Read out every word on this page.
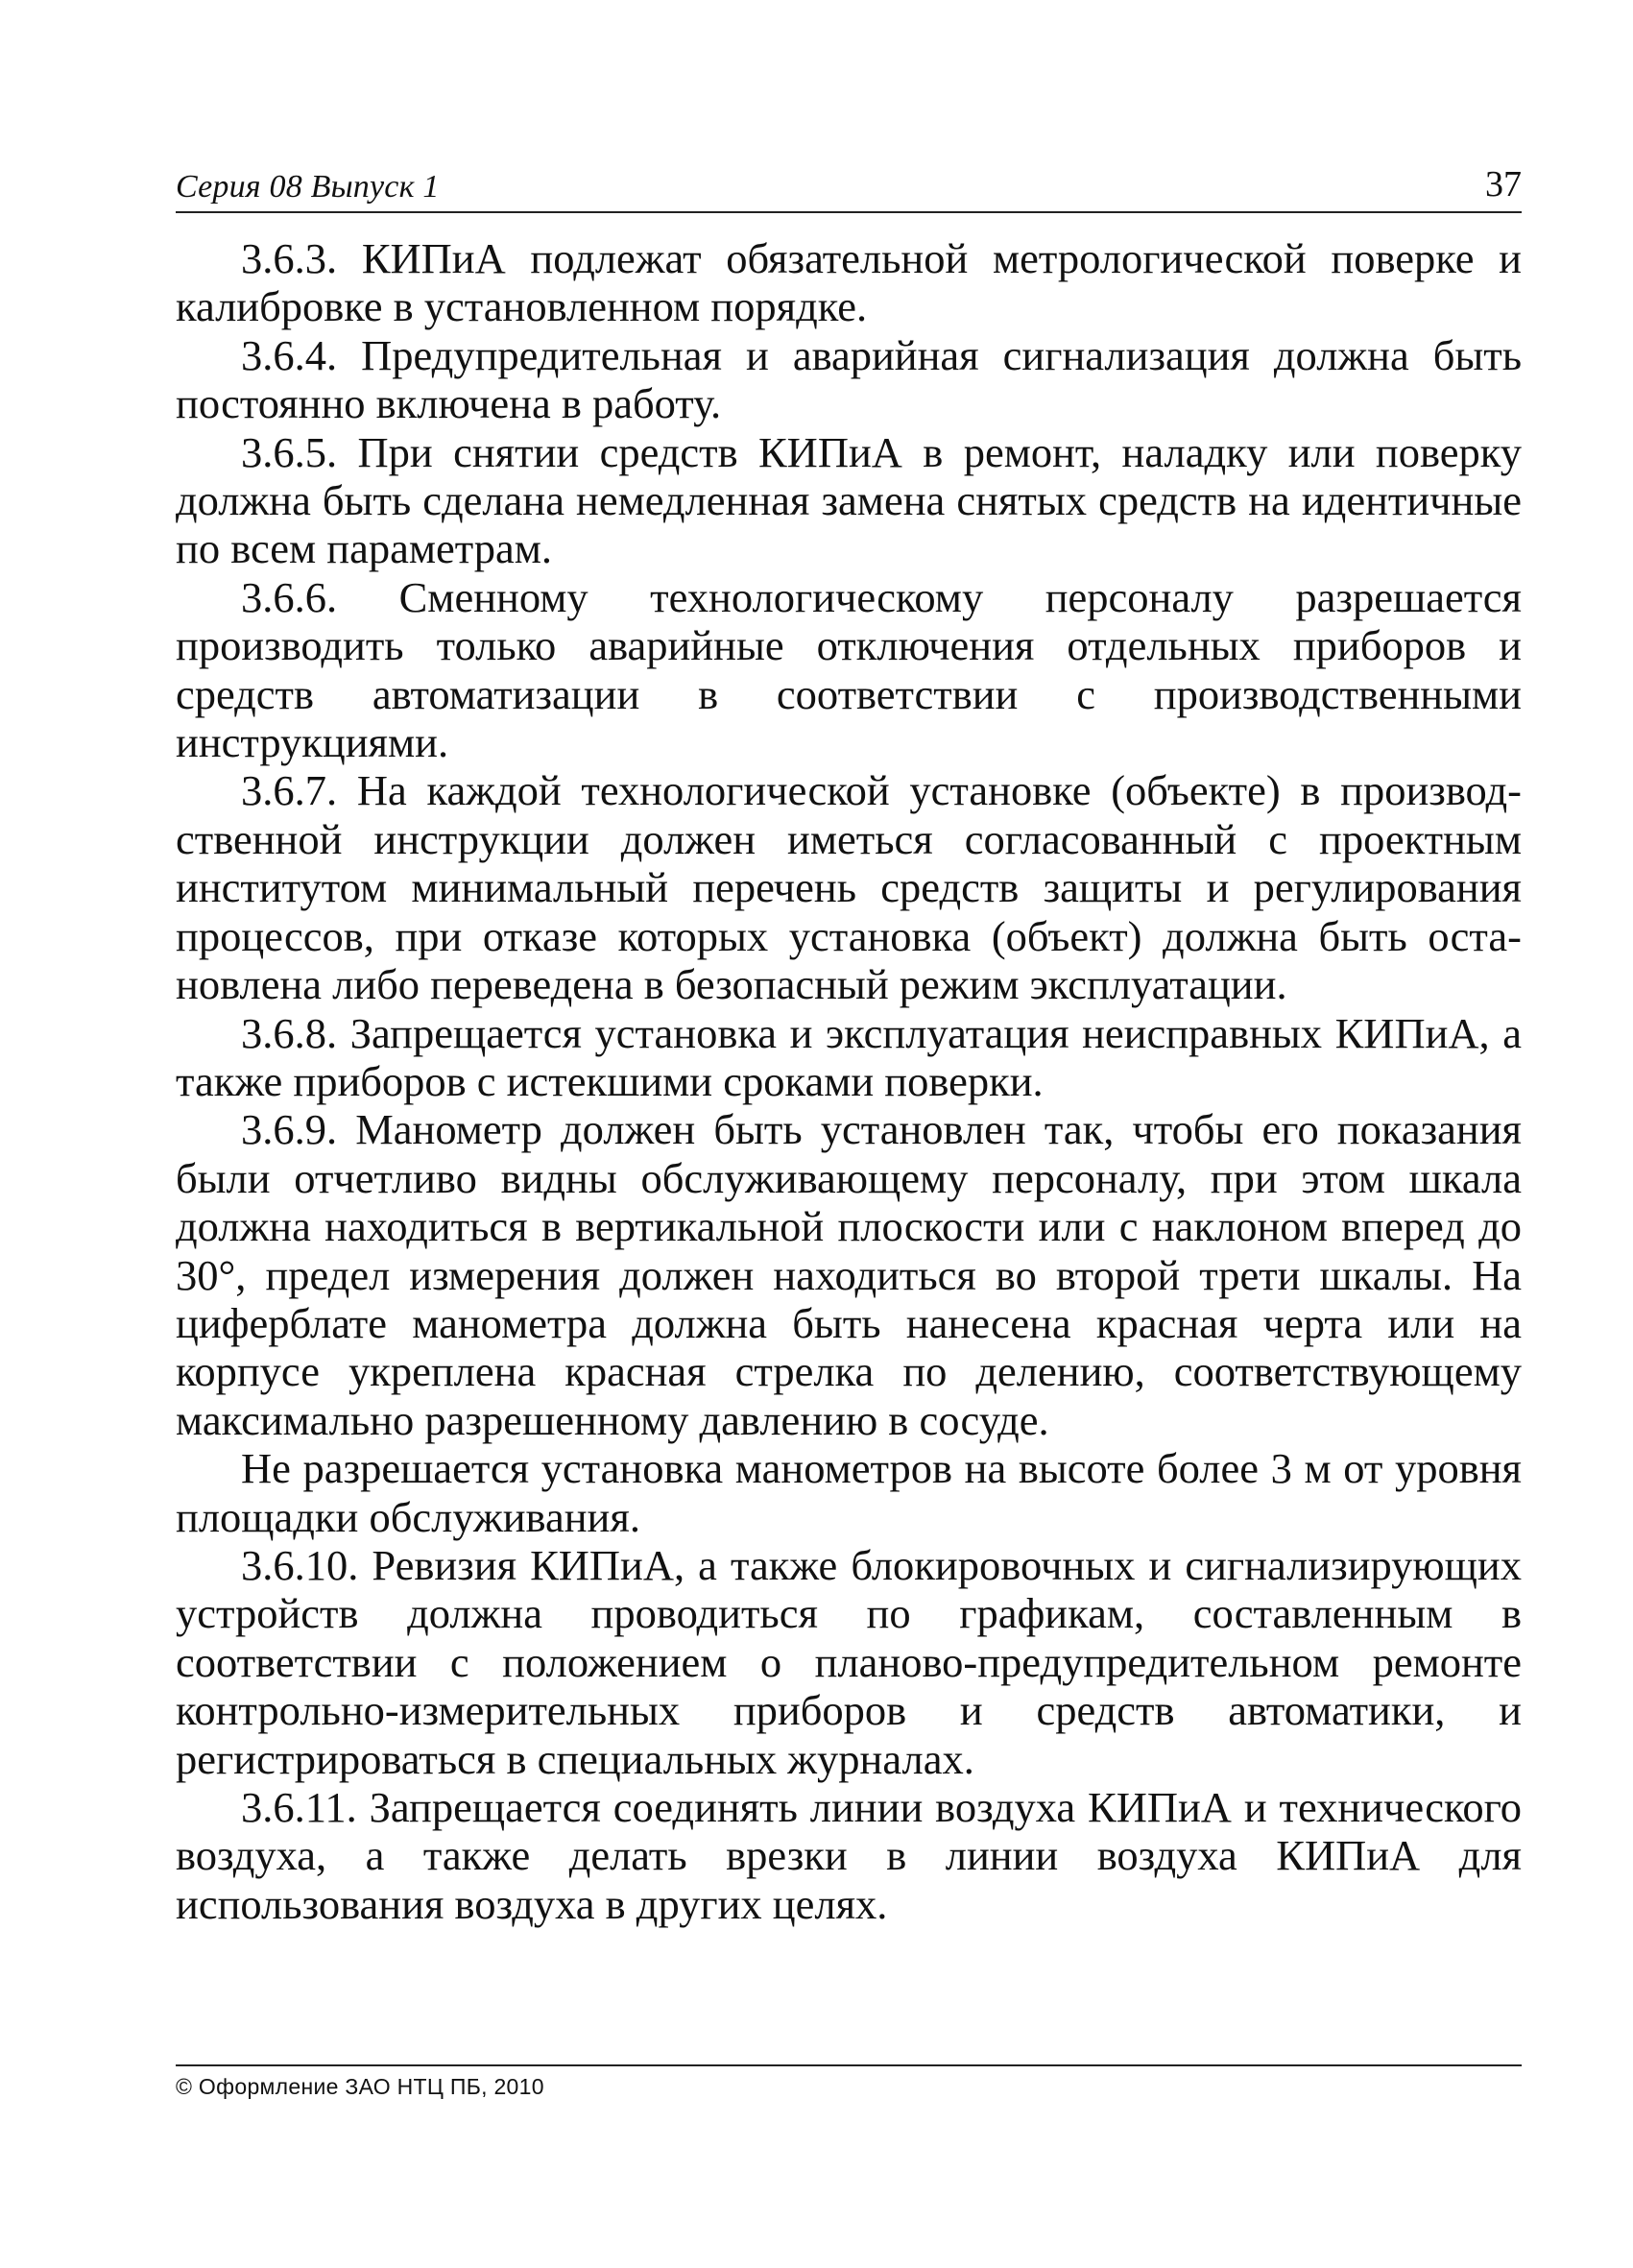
Серия 08 Выпуск 1	37

3.6.3. КИПиА подлежат обязательной метрологической поверке и калибровке в установленном порядке.

3.6.4. Предупредительная и аварийная сигнализация должна быть постоянно включена в работу.

3.6.5. При снятии средств КИПиА в ремонт, наладку или поверку должна быть сделана немедленная замена снятых средств на идентичные по всем параметрам.

3.6.6. Сменному технологическому персоналу разрешается производить только аварийные отключения отдельных приборов и средств автоматизации в соответствии с производственными инструкциями.

3.6.7. На каждой технологической установке (объекте) в производственной инструкции должен иметься согласованный с проектным институтом минимальный перечень средств защиты и регулирования процессов, при отказе которых установка (объект) должна быть остановлена либо переведена в безопасный режим эксплуатации.

3.6.8. Запрещается установка и эксплуатация неисправных КИПиА, а также приборов с истекшими сроками поверки.

3.6.9. Манометр должен быть установлен так, чтобы его показания были отчетливо видны обслуживающему персоналу, при этом шкала должна находиться в вертикальной плоскости или с наклоном вперед до 30°, предел измерения должен находиться во второй трети шкалы. На циферблате манометра должна быть нанесена красная черта или на корпусе укреплена красная стрелка по делению, соответствующему максимально разрешенному давлению в сосуде.

Не разрешается установка манометров на высоте более 3 м от уровня площадки обслуживания.

3.6.10. Ревизия КИПиА, а также блокировочных и сигнализирующих устройств должна проводиться по графикам, составленным в соответствии с положением о планово-предупредительном ремонте контрольно-измерительных приборов и средств автоматики, и регистрироваться в специальных журналах.

3.6.11. Запрещается соединять линии воздуха КИПиА и технического воздуха, а также делать врезки в линии воздуха КИПиА для использования воздуха в других целях.

© Оформление ЗАО НТЦ ПБ, 2010
